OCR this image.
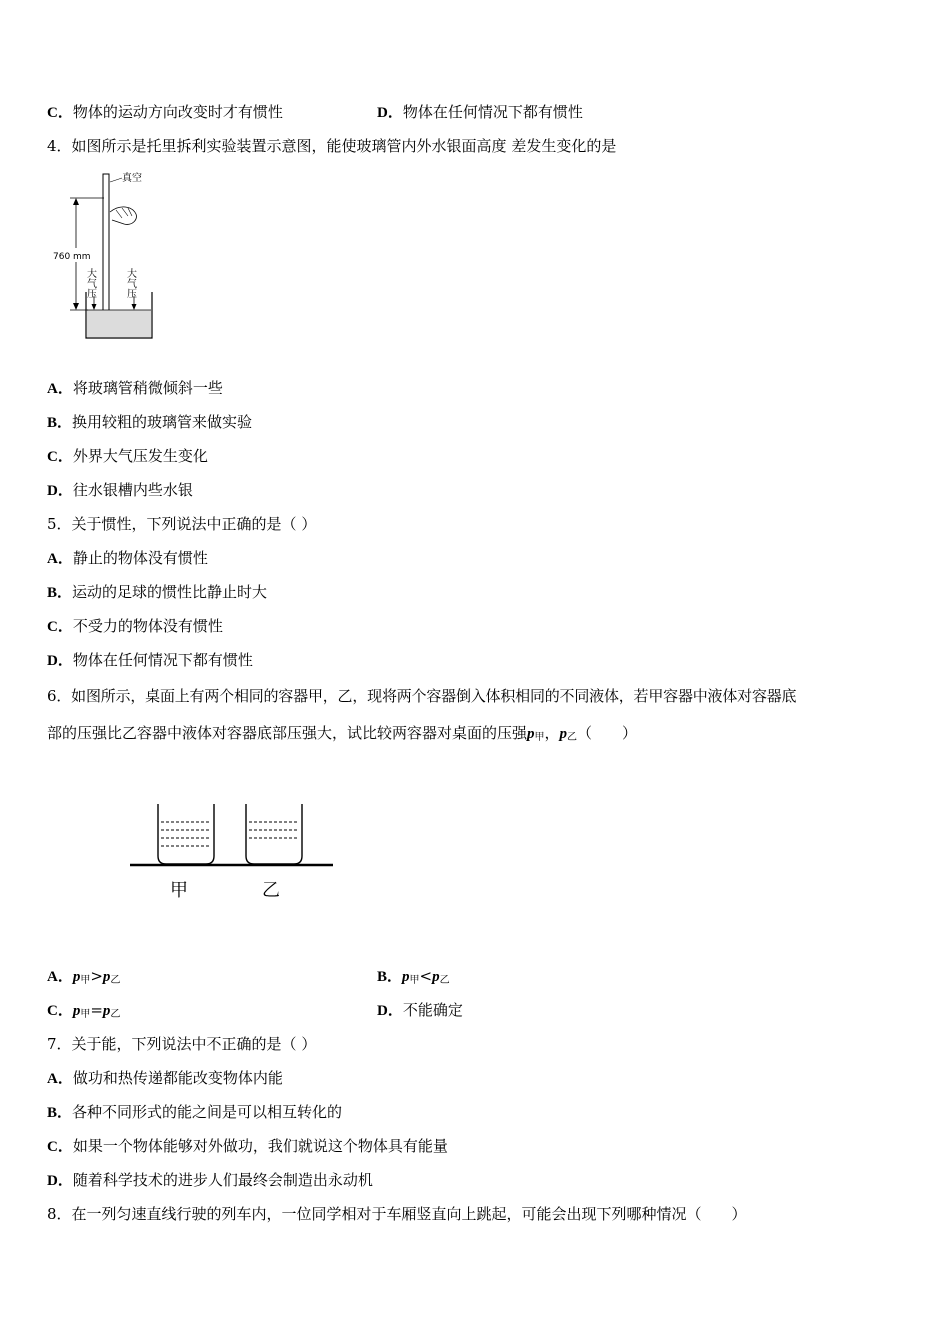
C．物体的运动方向改变时才有惯性	D．物体在任何情况下都有惯性
4．如图所示是托里拆利实验装置示意图，能使玻璃管内外水银面高度 差发生变化的是
760 mm
真空
大气压	大气压
A．将玻璃管稍微倾斜一些
B．换用较粗的玻璃管来做实验
C．外界大气压发生变化
D．往水银槽内些水银
5．关于惯性，下列说法中正确的是（ ）
A．静止的物体没有惯性
B．运动的足球的惯性比静止时大
C．不受力的物体没有惯性
D．物体在任何情况下都有惯性
6．如图所示，桌面上有两个相同的容器甲，乙，现将两个容器倒入体积相同的不同液体，若甲容器中液体对容器底
部的压强比乙容器中液体对容器底部压强大，试比较两容器对桌面的压强$p_甲$，$p_乙$（　　）
甲	乙
A．$p_甲>p_乙$	B．$p_甲<p_乙$
C．$p_甲=p_乙$	D．不能确定
7．关于能，下列说法中不正确的是（ ）
A．做功和热传递都能改变物体内能
B．各种不同形式的能之间是可以相互转化的
C．如果一个物体能够对外做功，我们就说这个物体具有能量
D．随着科学技术的进步人们最终会制造出永动机
8．在一列匀速直线行驶的列车内，一位同学相对于车厢竖直向上跳起，可能会出现下列哪种情况（　　）
